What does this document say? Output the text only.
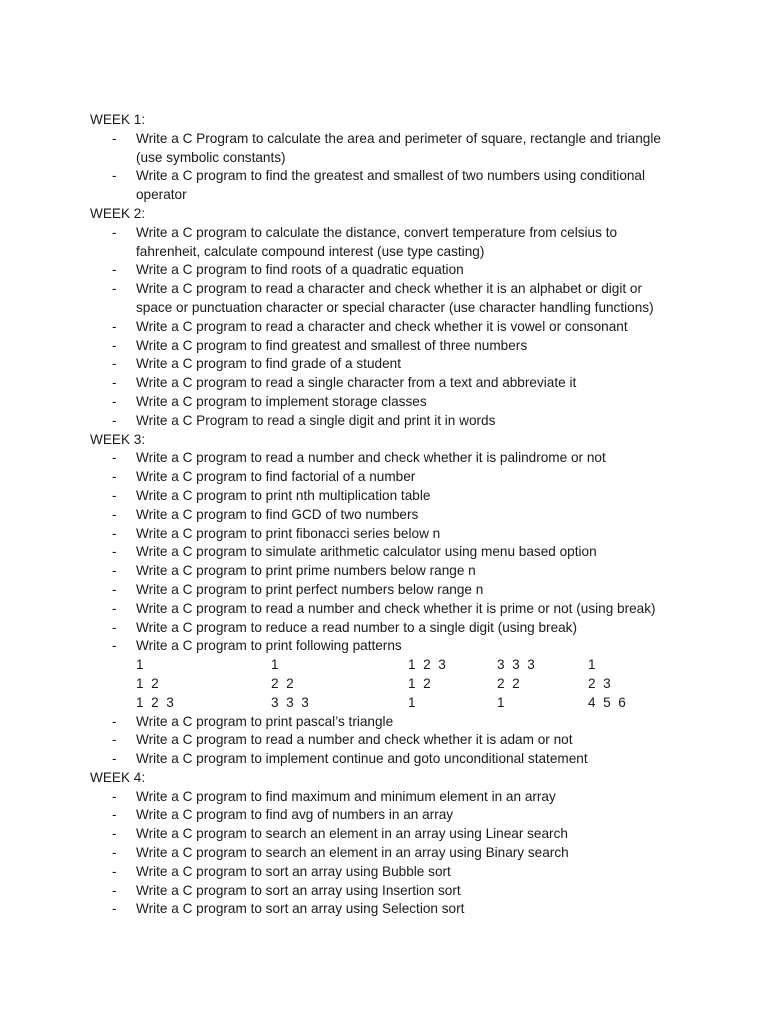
WEEK 1:
- Write a C Program to calculate the area and perimeter of square, rectangle and triangle (use symbolic constants)
- Write a C program to find the greatest and smallest of two numbers using conditional operator
WEEK 2:
- Write a C program to calculate the distance, convert temperature from celsius to fahrenheit, calculate compound interest (use type casting)
- Write a C program to find roots of a quadratic equation
- Write a C program to read a character and check whether it is an alphabet or digit or space or punctuation character or special character (use character handling functions)
- Write a C program to read a character and check whether it is vowel or consonant
- Write a C program to find greatest and smallest of three numbers
- Write a C program to find grade of a student
- Write a C program to read a single character from a text and abbreviate it
- Write a C program to implement storage classes
- Write a C Program to read a single digit and print it in words
WEEK 3:
- Write a C program to read a number and check whether it is palindrome or not
- Write a C program to find factorial of a number
- Write a C program to print nth multiplication table
- Write a C program to find GCD of two numbers
- Write a C program to print fibonacci series below n
- Write a C program to simulate arithmetic calculator using menu based option
- Write a C program to print prime numbers below range n
- Write a C program to print perfect numbers below range n
- Write a C program to read a number and check whether it is prime or not (using break)
- Write a C program to reduce a read number to a single digit (using break)
- Write a C program to print following patterns
1
1  2
1  2  3
1
2  2
3  3  3
1  2  3
1  2
1
3  3  3
2  2
1
1
2  3
4  5  6
- Write a C program to print pascal’s triangle
- Write a C program to read a number and check whether it is adam or not
- Write a C program to implement continue and goto unconditional statement
WEEK 4:
- Write a C program to find maximum and minimum element in an array
- Write a C program to find avg of numbers in an array
- Write a C program to search an element in an array using Linear search
- Write a C program to search an element in an array using Binary search
- Write a C program to sort an array using Bubble sort
- Write a C program to sort an array using Insertion sort
- Write a C program to sort an array using Selection sort
